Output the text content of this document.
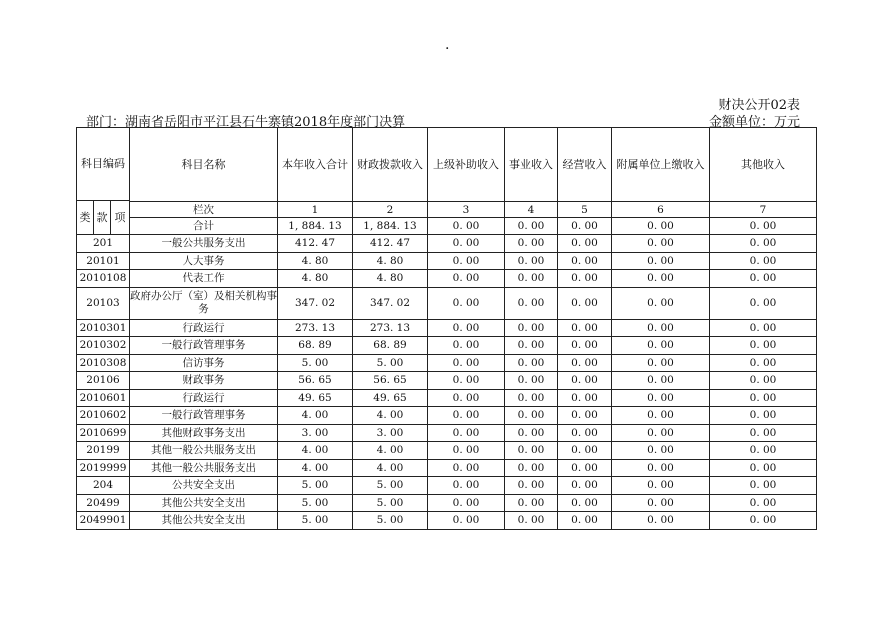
.
财决公开02表
部门：湖南省岳阳市平江县石牛寨镇2018年度部门决算	金额单位：万元
科目编码			科目名称	本年收入合计	财政拨款收入	上级补助收入	事业收入	经营收入	附属单位上缴收入	其他收入
类	款	项								
			栏次	1	2	3	4	5	6	7
			合计	1, 884. 13	1, 884. 13	0. 00	0. 00	0. 00	0. 00	0. 00
201			一般公共服务支出	412. 47	412. 47	0. 00	0. 00	0. 00	0. 00	0. 00
20101			人大事务	4. 80	4. 80	0. 00	0. 00	0. 00	0. 00	0. 00
2010108			代表工作	4. 80	4. 80	0. 00	0. 00	0. 00	0. 00	0. 00
20103			政府办公厅（室）及相关机构事务	347. 02	347. 02	0. 00	0. 00	0. 00	0. 00	0. 00
2010301			行政运行	273. 13	273. 13	0. 00	0. 00	0. 00	0. 00	0. 00
2010302			一般行政管理事务	68. 89	68. 89	0. 00	0. 00	0. 00	0. 00	0. 00
2010308			信访事务	5. 00	5. 00	0. 00	0. 00	0. 00	0. 00	0. 00
20106			财政事务	56. 65	56. 65	0. 00	0. 00	0. 00	0. 00	0. 00
2010601			行政运行	49. 65	49. 65	0. 00	0. 00	0. 00	0. 00	0. 00
2010602			一般行政管理事务	4. 00	4. 00	0. 00	0. 00	0. 00	0. 00	0. 00
2010699			其他财政事务支出	3. 00	3. 00	0. 00	0. 00	0. 00	0. 00	0. 00
20199			其他一般公共服务支出	4. 00	4. 00	0. 00	0. 00	0. 00	0. 00	0. 00
2019999			其他一般公共服务支出	4. 00	4. 00	0. 00	0. 00	0. 00	0. 00	0. 00
204			公共安全支出	5. 00	5. 00	0. 00	0. 00	0. 00	0. 00	0. 00
20499			其他公共安全支出	5. 00	5. 00	0. 00	0. 00	0. 00	0. 00	0. 00
2049901			其他公共安全支出	5. 00	5. 00	0. 00	0. 00	0. 00	0. 00	0. 00
